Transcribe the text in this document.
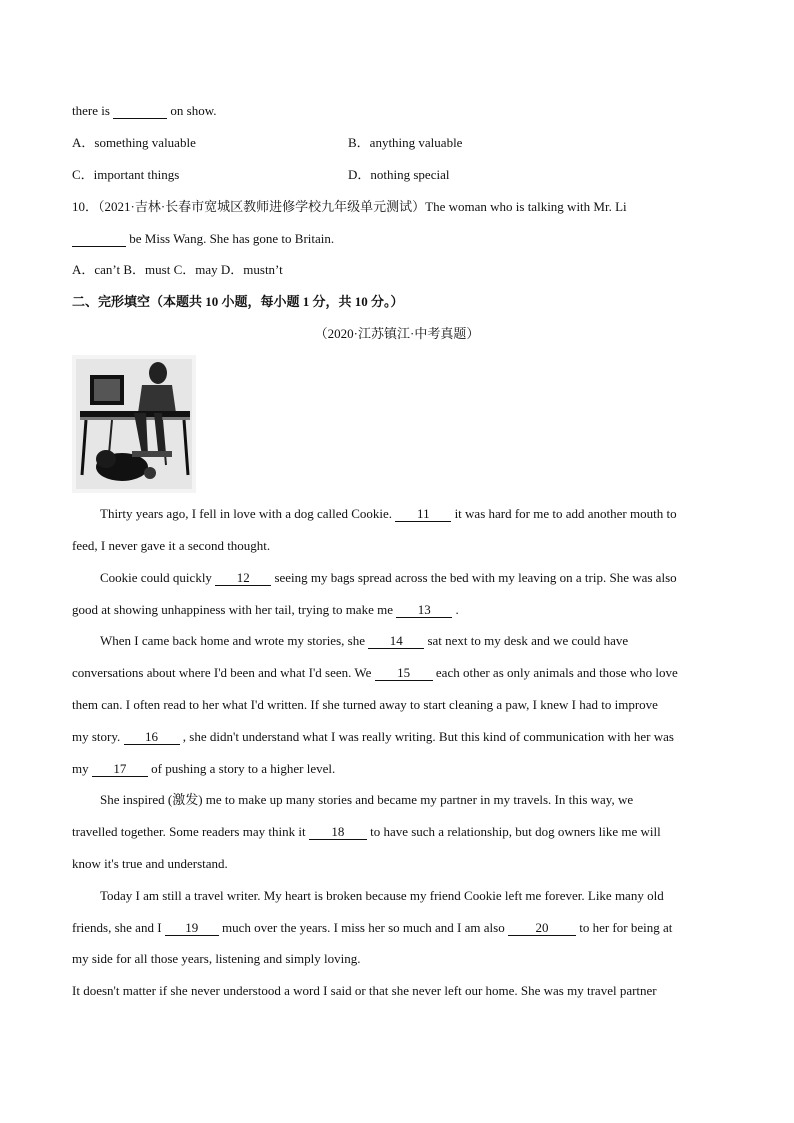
there is	on show.
A．something valuable	B．anything valuable
C．important things	D．nothing special
10．（2021·吉林·长春市宽城区教师进修学校九年级单元测试）The woman who is talking with Mr. Li
be Miss Wang. She has gone to Britain.
A．can’t B．must C．may D．mustn’t
二、完形填空（本题共 10 小题，每小题 1 分，共 10 分。）
（2020·江苏镇江·中考真题）
Thirty years ago, I fell in love with a dog called Cookie. 11 it was hard for me to add another mouth to
feed, I never gave it a second thought.
Cookie could quickly 12 seeing my bags spread across the bed with my leaving on a trip. She was also
good at showing unhappiness with her tail, trying to make me 13 .
When I came back home and wrote my stories, she 14 sat next to my desk and we could have
conversations about where I'd been and what I'd seen. We 15 each other as only animals and those who love
them can. I often read to her what I'd written. If she turned away to start cleaning a paw, I knew I had to improve
my story. 16 , she didn't understand what I was really writing. But this kind of communication with her was
my 17 of pushing a story to a higher level.
She inspired (激发) me to make up many stories and became my partner in my travels. In this way, we
travelled together. Some readers may think it 18 to have such a relationship, but dog owners like me will
know it's true and understand.
Today I am still a travel writer. My heart is broken because my friend Cookie left me forever. Like many old
friends, she and I 19 much over the years. I miss her so much and I am also 20 to her for being at
my side for all those years, listening and simply loving.
It doesn't matter if she never understood a word I said or that she never left our home. She was my travel partner
